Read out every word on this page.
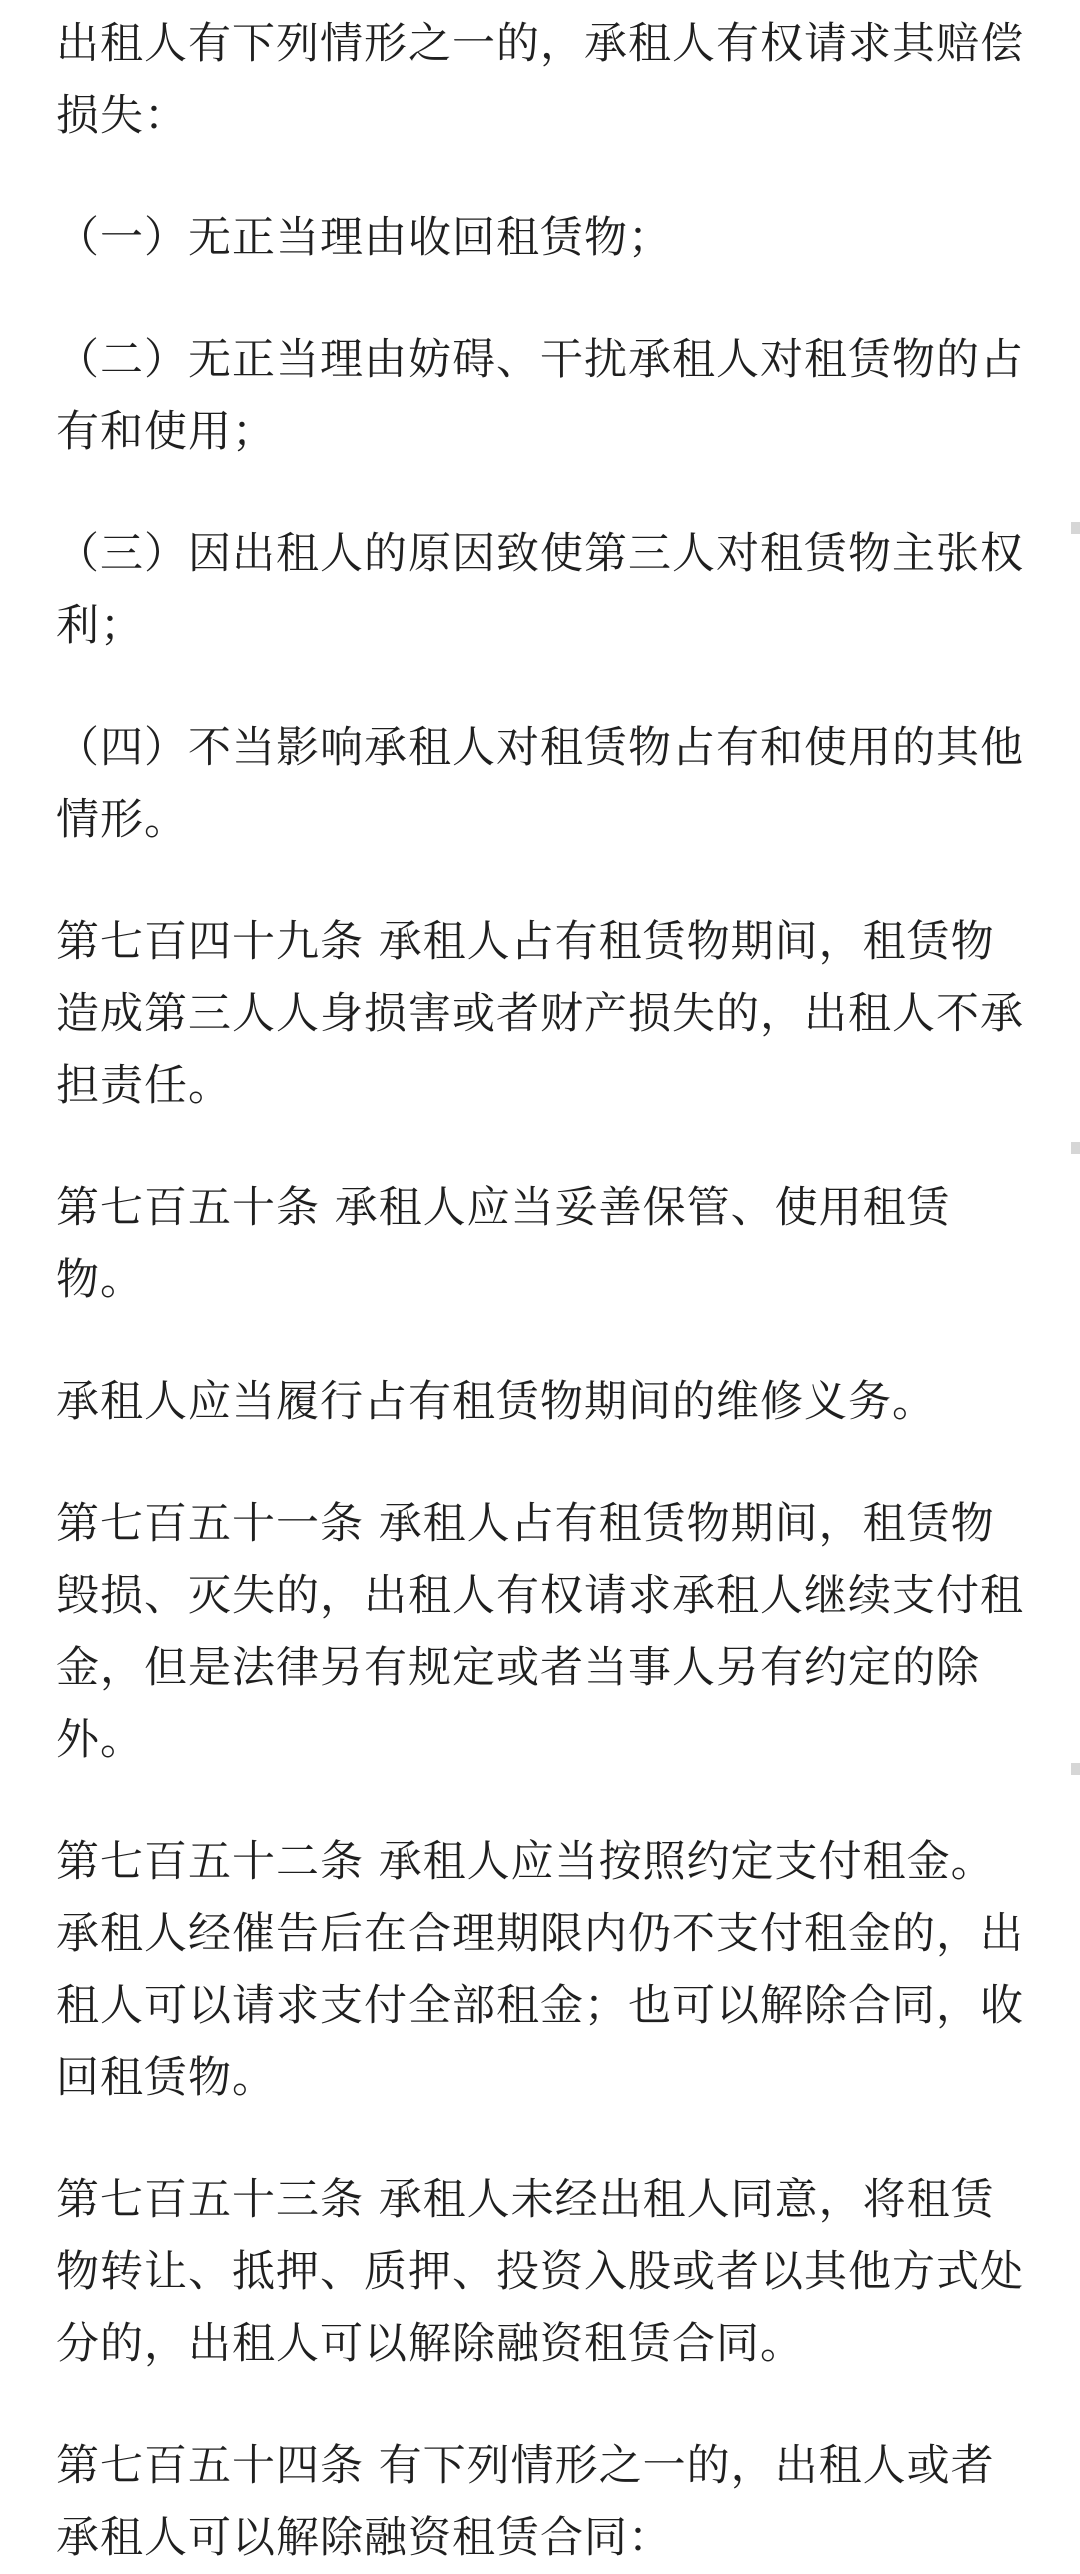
出租人有下列情形之一的，承租人有权请求其赔偿损失：

（一）无正当理由收回租赁物；

（二）无正当理由妨碍、干扰承租人对租赁物的占有和使用；

（三）因出租人的原因致使第三人对租赁物主张权利；

（四）不当影响承租人对租赁物占有和使用的其他情形。

第七百四十九条 承租人占有租赁物期间，租赁物造成第三人人身损害或者财产损失的，出租人不承担责任。

第七百五十条 承租人应当妥善保管、使用租赁物。

承租人应当履行占有租赁物期间的维修义务。

第七百五十一条 承租人占有租赁物期间，租赁物毁损、灭失的，出租人有权请求承租人继续支付租金，但是法律另有规定或者当事人另有约定的除外。

第七百五十二条 承租人应当按照约定支付租金。承租人经催告后在合理期限内仍不支付租金的，出租人可以请求支付全部租金；也可以解除合同，收回租赁物。

第七百五十三条 承租人未经出租人同意，将租赁物转让、抵押、质押、投资入股或者以其他方式处分的，出租人可以解除融资租赁合同。

第七百五十四条 有下列情形之一的，出租人或者承租人可以解除融资租赁合同：
